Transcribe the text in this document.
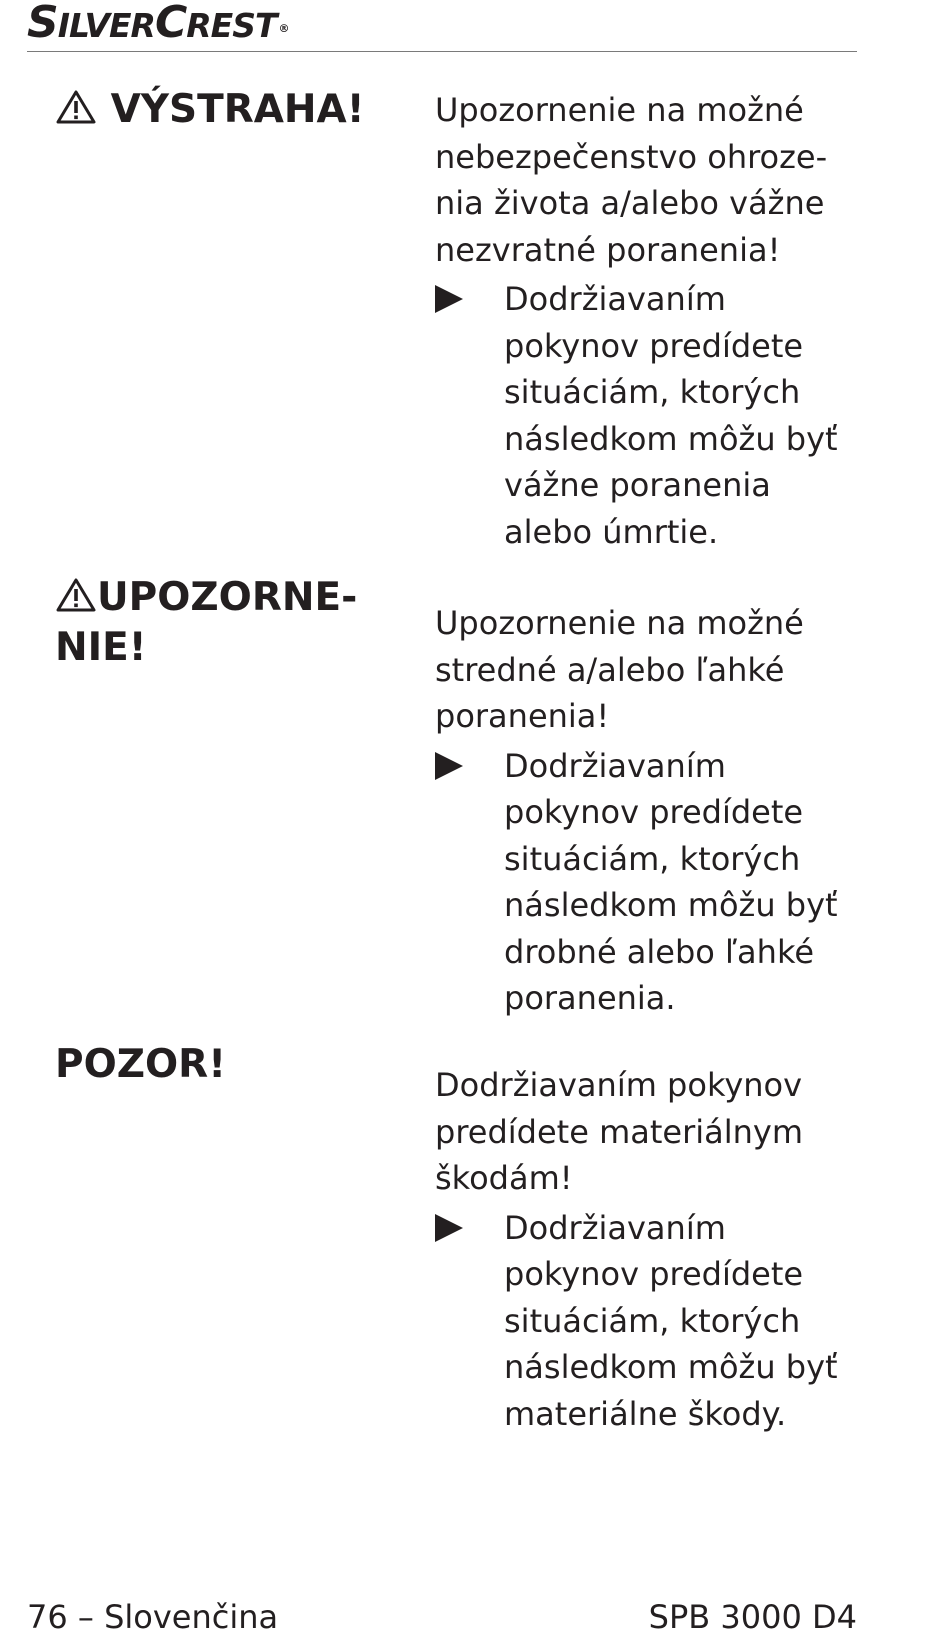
SILVERCREST ®
VÝSTRAHA! Upozornenie na možné
nebezpečenstvo ohroze-
nia života a/alebo vážne
nezvratné poranenia!
Dodržiavaním
pokynov predídete
situáciám, ktorých
následkom môžu byť
vážne poranenia
alebo úmrtie.
UPOZORNE-
NIE!
Upozornenie na možné
stredné a/alebo ľahké
poranenia!
Dodržiavaním
pokynov predídete
situáciám, ktorých
následkom môžu byť
drobné alebo ľahké
poranenia.
POZOR!	Dodržiavaním pokynov
predídete materiálnym
škodám!
Dodržiavaním
pokynov predídete
situáciám, ktorých
následkom môžu byť
materiálne škody.
76 – Slovenčina	SPB 3000 D4
